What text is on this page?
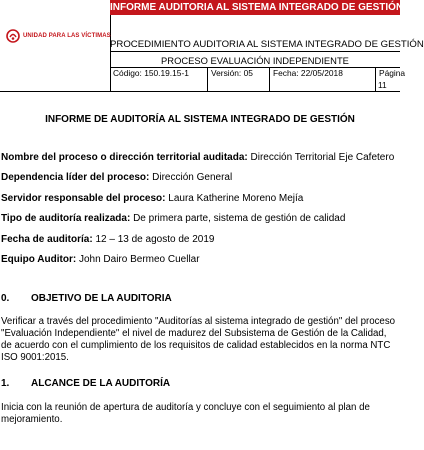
UNIDAD PARA LAS VÍCTIMAS
INFORME AUDITORIA AL SISTEMA INTEGRADO DE GESTIÓN
PROCEDIMIENTO AUDITORIA AL SISTEMA INTEGRADO DE GESTIÓN
PROCESO EVALUACIÓN INDEPENDIENTE
Código: 150.19.15-1	Versión: 05	Fecha: 22/05/2018	Página
11
INFORME DE AUDITORÍA AL SISTEMA INTEGRADO DE GESTIÓN
Nombre del proceso o dirección territorial auditada: Dirección Territorial Eje Cafetero
Dependencia líder del proceso: Dirección General
Servidor responsable del proceso: Laura Katherine Moreno Mejía
Tipo de auditoría realizada: De primera parte, sistema de gestión de calidad
Fecha de auditoría: 12 – 13 de agosto de 2019
Equipo Auditor: John Dairo Bermeo Cuellar
0. OBJETIVO DE LA AUDITORIA
Verificar a través del procedimiento "Auditorías al sistema integrado de gestión" del proceso
"Evaluación Independiente" el nivel de madurez del Subsistema de Gestión de la Calidad,
de acuerdo con el cumplimiento de los requisitos de calidad establecidos en la norma NTC
ISO 9001:2015.
1. ALCANCE DE LA AUDITORÍA
Inicia con la reunión de apertura de auditoría y concluye con el seguimiento al plan de
mejoramiento.
